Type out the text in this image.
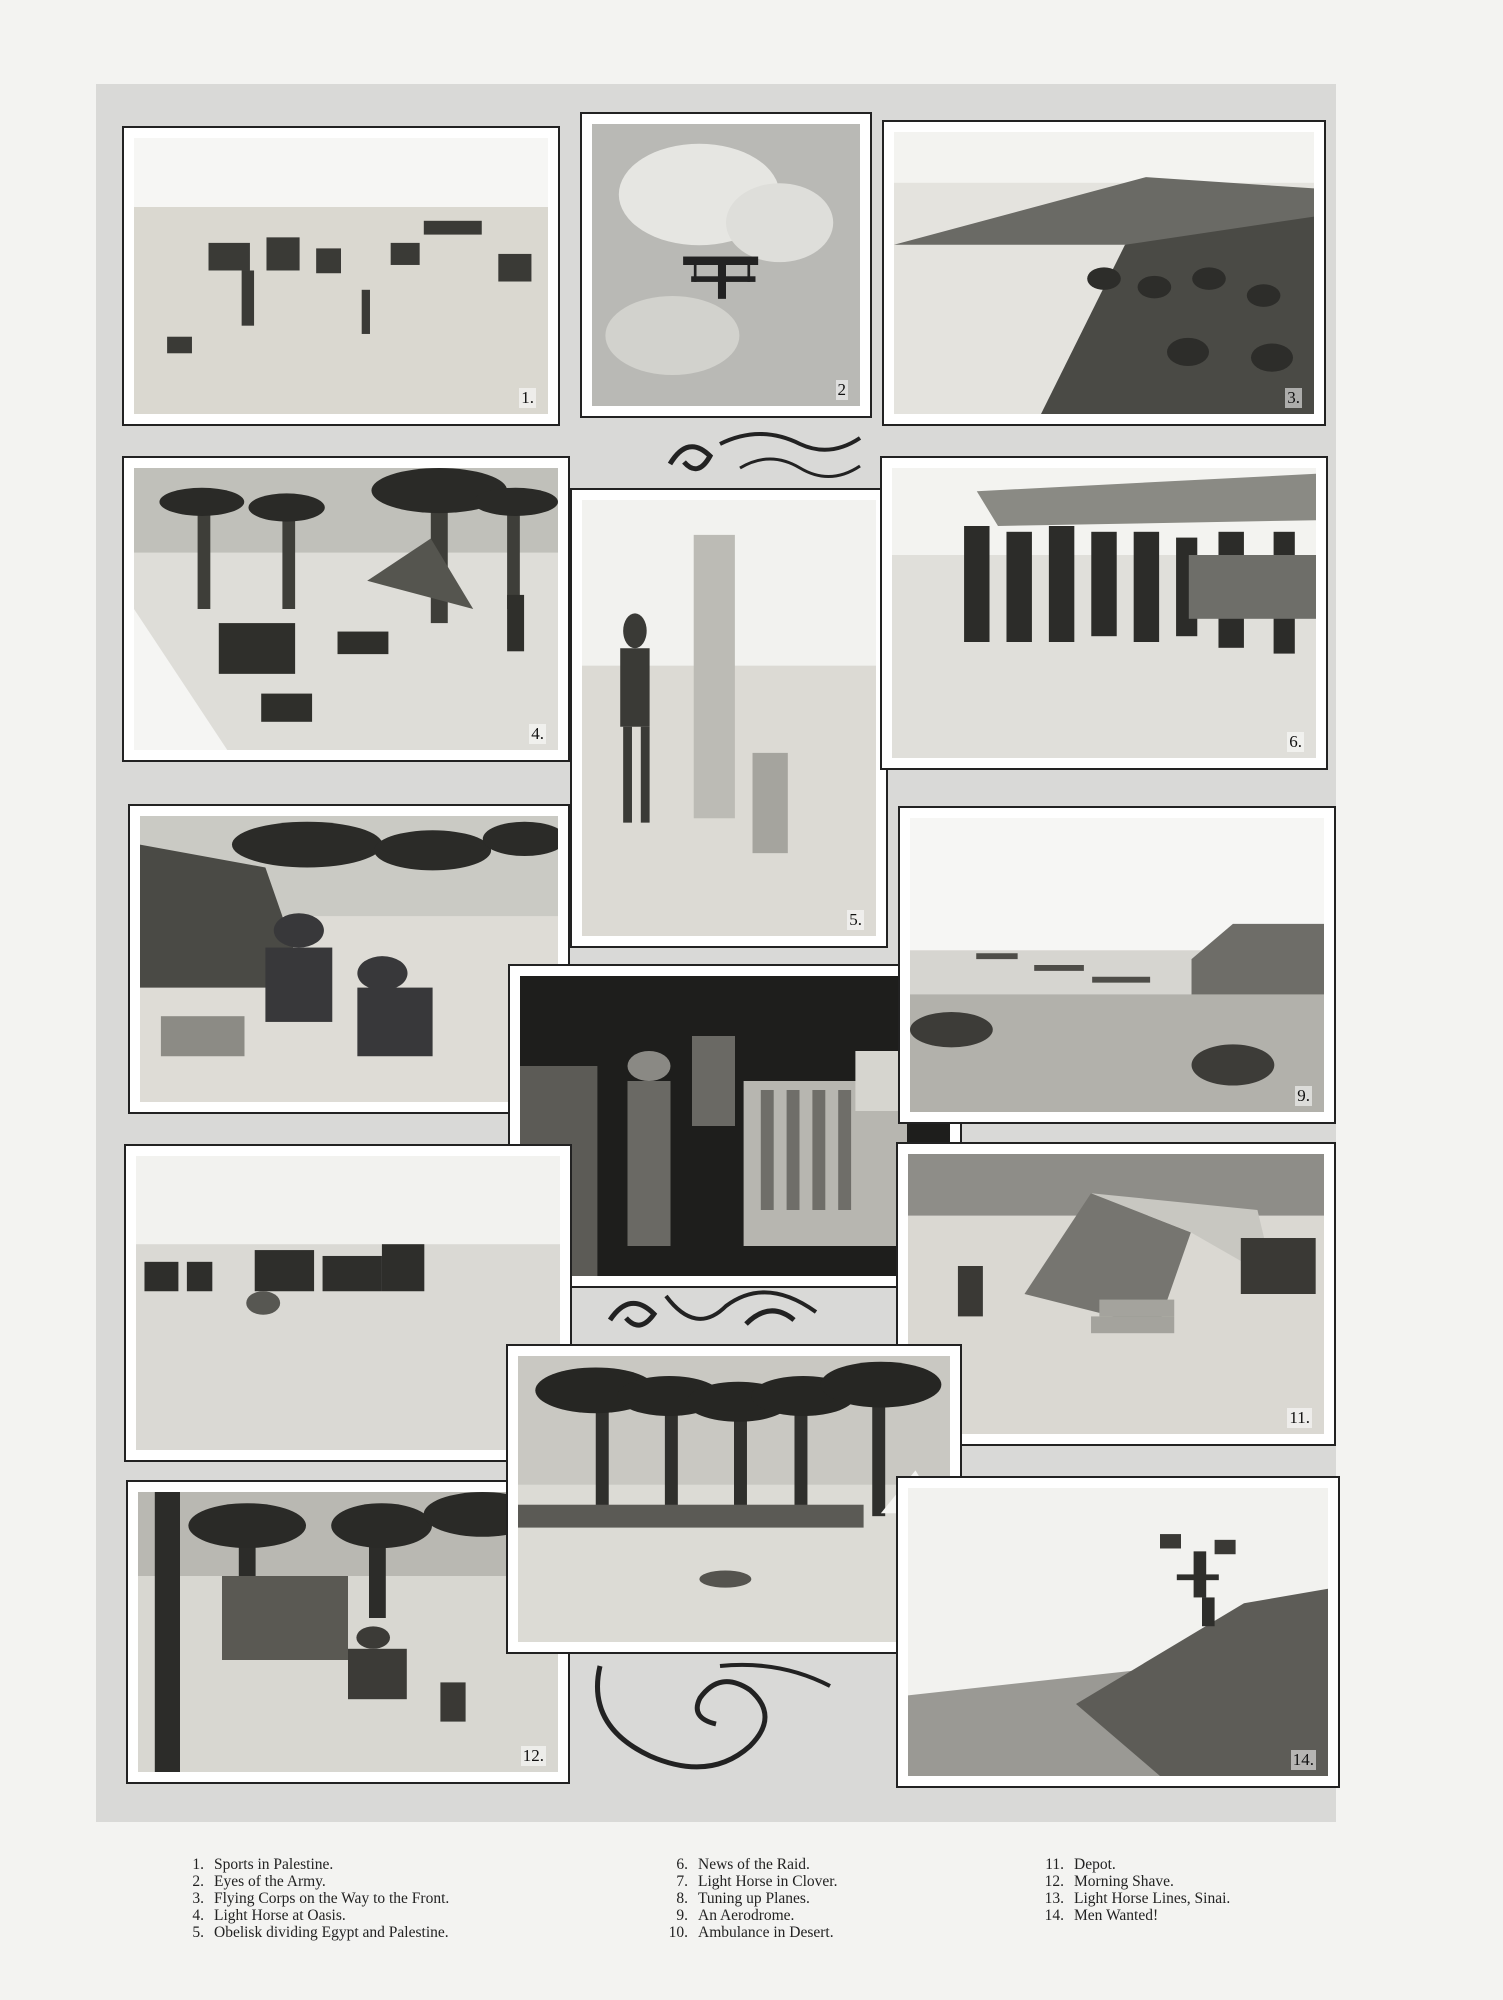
1.	2	3.
4.
5.
6.
9.
11.
12.	14.
1. Sports in Palestine.
2. Eyes of the Army.
3. Flying Corps on the Way to the Front.
4. Light Horse at Oasis.
5. Obelisk dividing Egypt and Palestine.
6. News of the Raid.
7. Light Horse in Clover.
8. Tuning up Planes.
9. An Aerodrome.
10. Ambulance in Desert.
11. Depot.
12. Morning Shave.
13. Light Horse Lines, Sinai.
14. Men Wanted!
